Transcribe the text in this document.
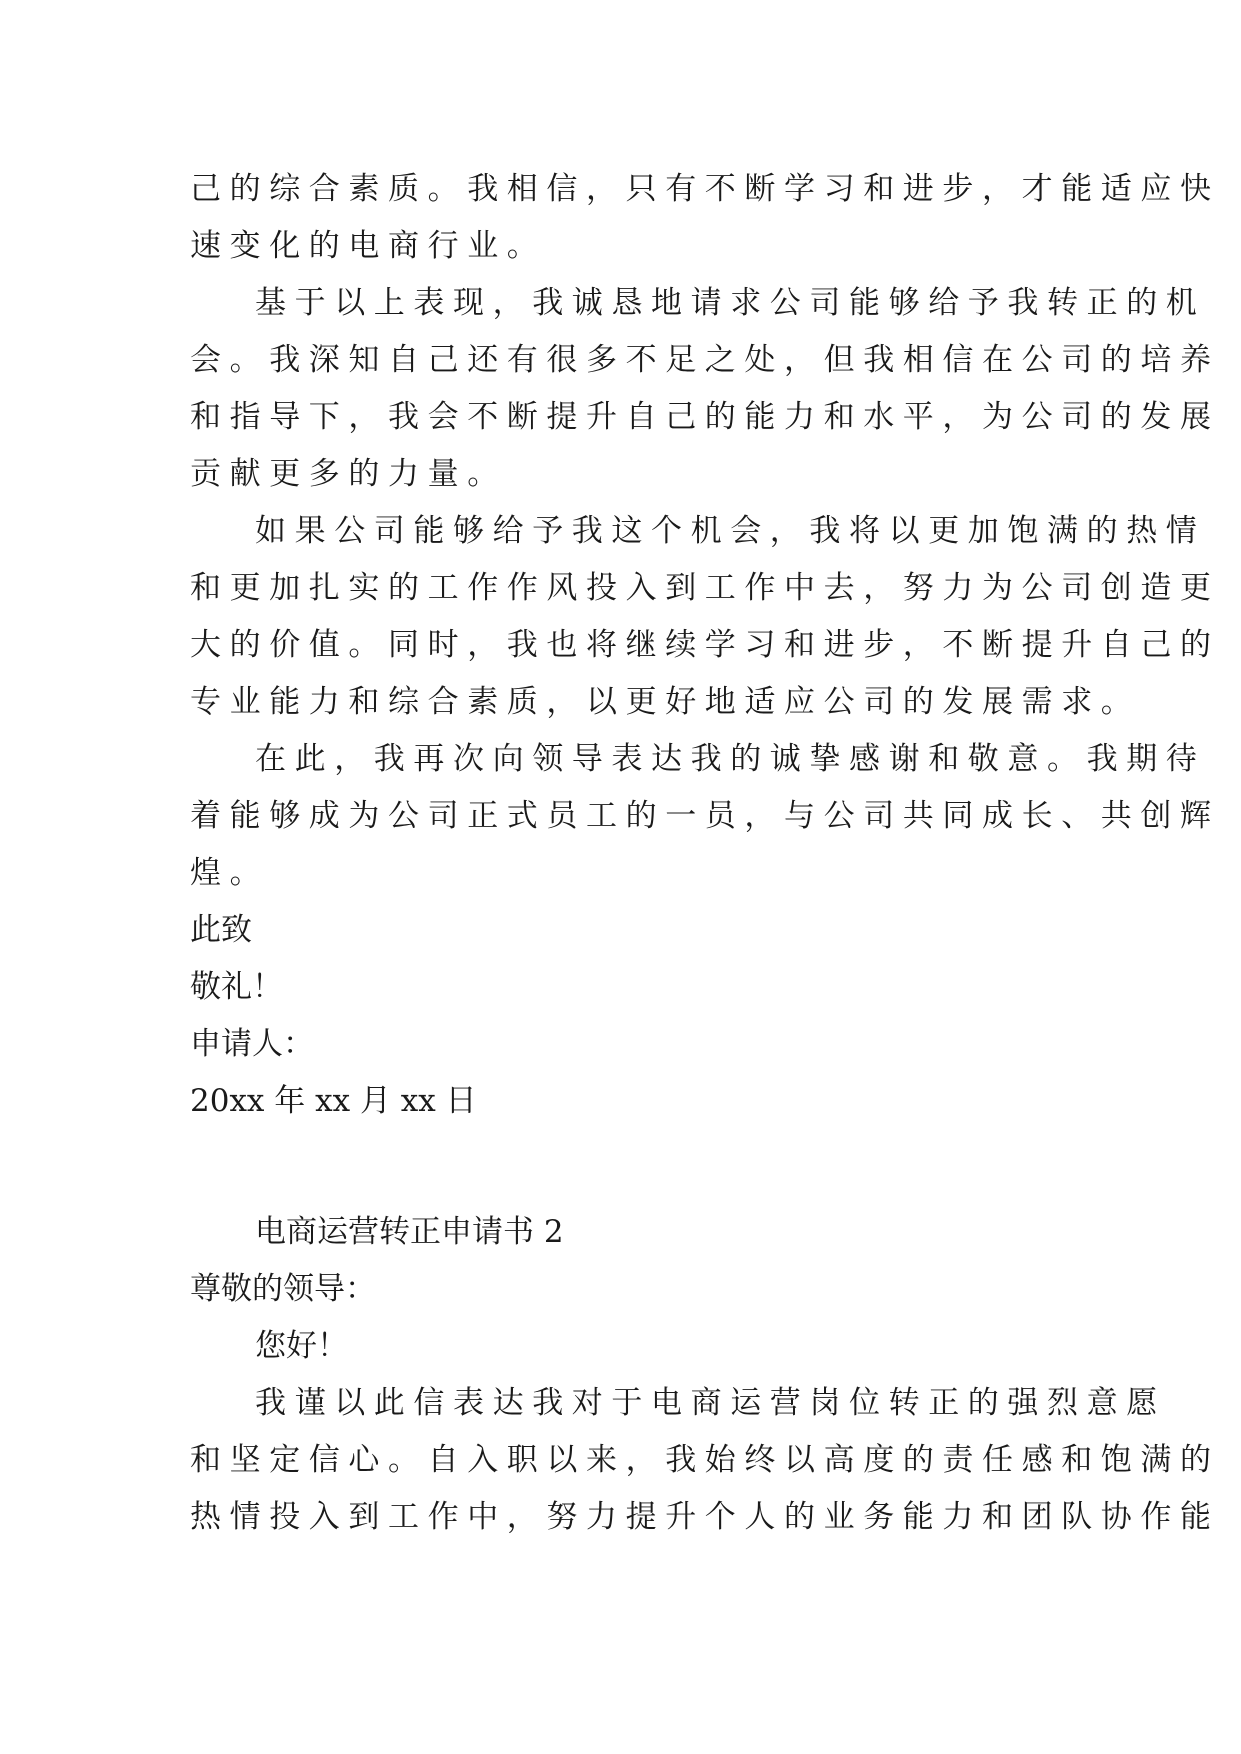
己的综合素质。我相信，只有不断学习和进步，才能适应快
速变化的电商行业。
基于以上表现，我诚恳地请求公司能够给予我转正的机
会。我深知自己还有很多不足之处，但我相信在公司的培养
和指导下，我会不断提升自己的能力和水平，为公司的发展
贡献更多的力量。
如果公司能够给予我这个机会，我将以更加饱满的热情
和更加扎实的工作作风投入到工作中去，努力为公司创造更
大的价值。同时，我也将继续学习和进步，不断提升自己的
专业能力和综合素质，以更好地适应公司的发展需求。
在此，我再次向领导表达我的诚挚感谢和敬意。我期待
着能够成为公司正式员工的一员，与公司共同成长、共创辉
煌。
此致
敬礼！
申请人：
20xx 年 xx 月 xx 日
电商运营转正申请书 2
尊敬的领导：
您好！
我谨以此信表达我对于电商运营岗位转正的强烈意愿
和坚定信心。自入职以来，我始终以高度的责任感和饱满的
热情投入到工作中，努力提升个人的业务能力和团队协作能
